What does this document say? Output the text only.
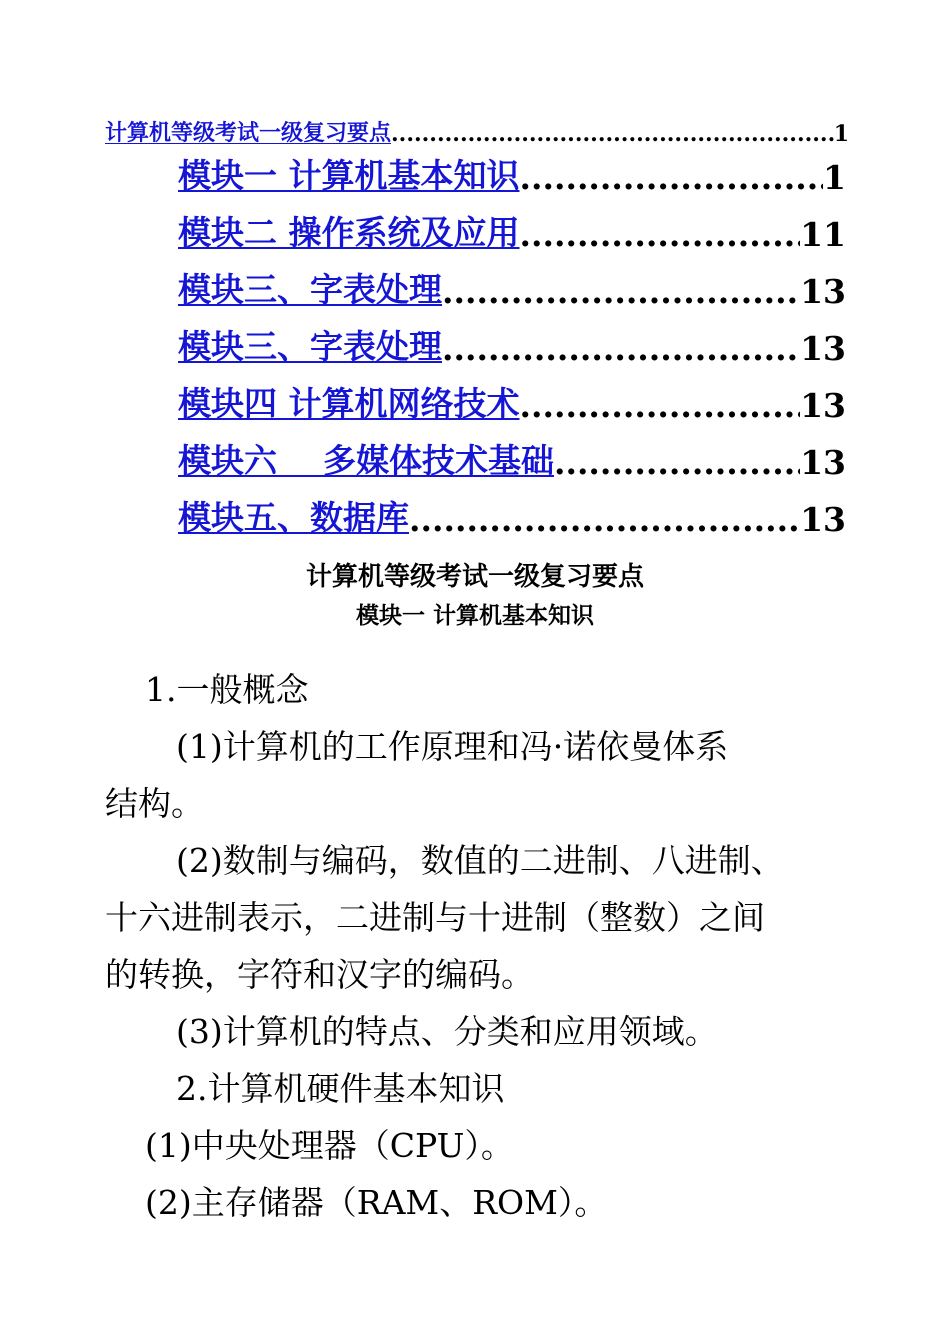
计算机等级考试一级复习要点 .....	1
模块一 计算机基本知识 .....	1
模块二 操作系统及应用 .....	11
模块三、字表处理 .....	13
模块三、字表处理 .....	13
模块四 计算机网络技术 .....	13
模块六    多媒体技术基础 .....	13
模块五、数据库 .....	13
计算机等级考试一级复习要点
模块一 计算机基本知识
1.一般概念
(1)计算机的工作原理和冯·诺依曼体系
结构。
(2)数制与编码，数值的二进制、八进制、
十六进制表示，二进制与十进制（整数）之间
的转换，字符和汉字的编码。
(3)计算机的特点、分类和应用领域。
2.计算机硬件基本知识
(1)中央处理器（CPU）。
(2)主存储器（RAM、ROM）。
